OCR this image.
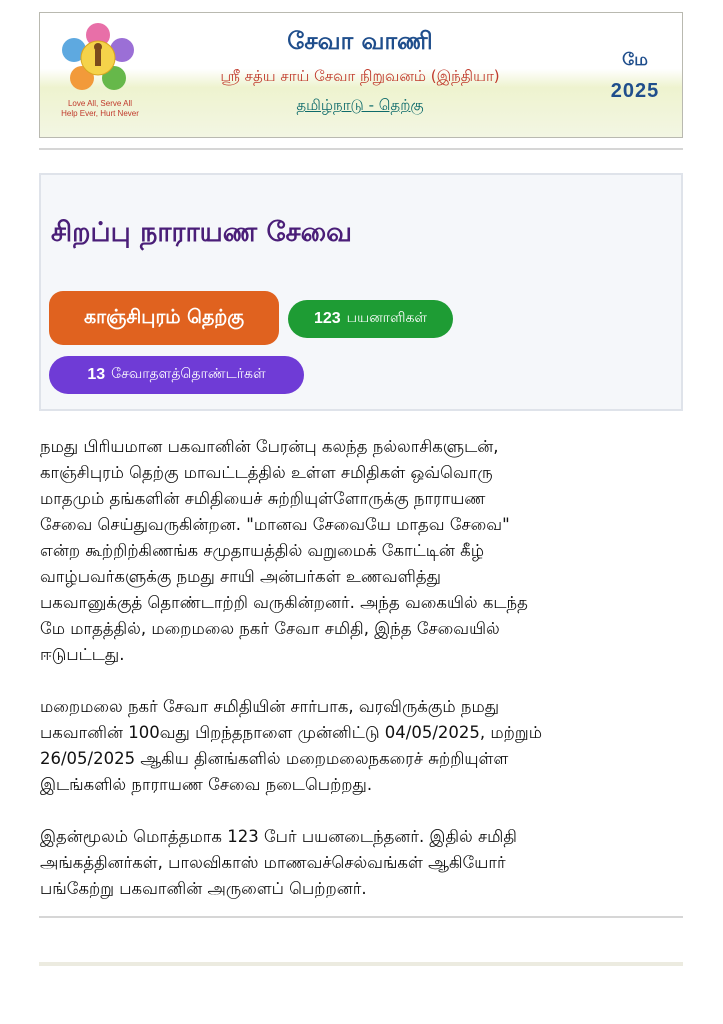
Love All, Serve All
Help Ever, Hurt Never
சேவா வாணி
ஸ்ரீ சத்ய சாய் சேவா நிறுவனம் (இந்தியா)
தமிழ்நாடு - தெற்கு
மே
2025
சிறப்பு நாராயண சேவை
காஞ்சிபுரம் தெற்கு	123 பயனாளிகள்
13 சேவாதளத்தொண்டர்கள்

நமது பிரியமான பகவானின் பேரன்பு கலந்த நல்லாசிகளுடன்,
காஞ்சிபுரம் தெற்கு மாவட்டத்தில் உள்ள சமிதிகள் ஒவ்வொரு
மாதமும் தங்களின் சமிதியைச் சுற்றியுள்ளோருக்கு நாராயண
சேவை செய்துவருகின்றன. "மானவ சேவையே மாதவ சேவை"
என்ற கூற்றிற்கிணங்க சமுதாயத்தில் வறுமைக் கோட்டின் கீழ்
வாழ்பவர்களுக்கு நமது சாயி அன்பர்கள் உணவளித்து
பகவானுக்குத் தொண்டாற்றி வருகின்றனர். அந்த வகையில் கடந்த
மே மாதத்தில், மறைமலை நகர் சேவா சமிதி, இந்த சேவையில்
ஈடுபட்டது.

மறைமலை நகர் சேவா சமிதியின் சார்பாக, வரவிருக்கும் நமது
பகவானின் 100வது பிறந்தநாளை முன்னிட்டு 04/05/2025, மற்றும்
26/05/2025 ஆகிய தினங்களில் மறைமலைநகரைச் சுற்றியுள்ள
இடங்களில் நாராயண சேவை நடைபெற்றது.

இதன்மூலம் மொத்தமாக 123 பேர் பயனடைந்தனர். இதில் சமிதி
அங்கத்தினர்கள், பாலவிகாஸ் மாணவச்செல்வங்கள் ஆகியோர்
பங்கேற்று பகவானின் அருளைப் பெற்றனர்.
